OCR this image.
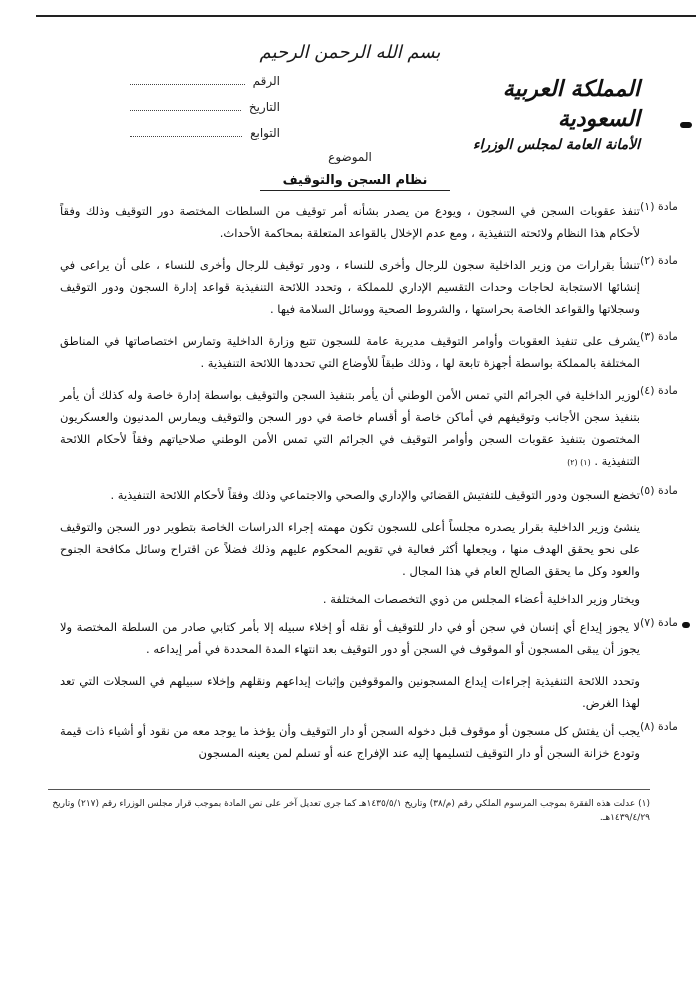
بسم الله الرحمن الرحيم
المملكة العربية السعودية
الأمانة العامة لمجلس الوزراء
الرقم
التاريخ
التوابع
الموضوع
نظام السجن والتوقيف
مادة (١)
تنفذ عقوبات السجن في السجون ، ويودع من يصدر بشأنه أمر توقيف من السلطات المختصة دور التوقيف وذلك وفقاً لأحكام هذا النظام ولائحته التنفيذية ، ومع عدم الإخلال بالقواعد المتعلقة بمحاكمة الأحداث.
مادة (٢)
تنشأ بقرارات من وزير الداخلية سجون للرجال وأخرى للنساء ، ودور توقيف للرجال وأخرى للنساء ، على أن يراعى في إنشائها الاستجابة لحاجات وحدات التقسيم الإداري للمملكة ، وتحدد اللائحة التنفيذية قواعد إدارة السجون ودور التوقيف وسجلاتها والقواعد الخاصة بحراستها ، والشروط الصحية ووسائل السلامة فيها .
مادة (٣)
يشرف على تنفيذ العقوبات وأوامر التوقيف مديرية عامة للسجون تتبع وزارة الداخلية وتمارس اختصاصاتها في المناطق المختلفة بالمملكة بواسطة أجهزة تابعة لها ، وذلك طبقاً للأوضاع التي تحددها اللائحة التنفيذية .
مادة (٤)
لوزير الداخلية في الجرائم التي تمس الأمن الوطني أن يأمر بتنفيذ السجن والتوقيف بواسطة إدارة خاصة وله كذلك أن يأمر بتنفيذ سجن الأجانب وتوقيفهم في أماكن خاصة أو أقسام خاصة في دور السجن والتوقيف ويمارس المدنيون والعسكريون المختصون بتنفيذ عقوبات السجن وأوامر التوقيف في الجرائم التي تمس الأمن الوطني صلاحياتهم وفقاً لأحكام اللائحة التنفيذية . (١) (٢)
مادة (٥)
تخضع السجون ودور التوقيف للتفتيش القضائي والإداري والصحي والاجتماعي وذلك وفقاً لأحكام اللائحة التنفيذية .
ينشئ وزير الداخلية بقرار يصدره مجلساً أعلى للسجون تكون مهمته إجراء الدراسات الخاصة بتطوير دور السجن والتوقيف على نحو يحقق الهدف منها ، ويجعلها أكثر فعالية في تقويم المحكوم عليهم وذلك فضلاً عن اقتراح وسائل مكافحة الجنوح والعود وكل ما يحقق الصالح العام في هذا المجال .
ويختار وزير الداخلية أعضاء المجلس من ذوي التخصصات المختلفة .
مادة (٧)
لا يجوز إيداع أي إنسان في سجن أو في دار للتوقيف أو نقله أو إخلاء سبيله إلا بأمر كتابي صادر من السلطة المختصة ولا يجوز أن يبقى المسجون أو الموقوف في السجن أو دور التوقيف بعد انتهاء المدة المحددة في أمر إيداعه .
وتحدد اللائحة التنفيذية إجراءات إيداع المسجونين والموقوفين وإثبات إيداعهم ونقلهم وإخلاء سبيلهم في السجلات التي تعد لهذا الغرض.
مادة (٨)
يجب أن يفتش كل مسجون أو موقوف قبل دخوله السجن أو دار التوقيف وأن يؤخذ ما يوجد معه من نقود أو أشياء ذات قيمة وتودع خزانة السجن أو دار التوقيف لتسليمها إليه عند الإفراج عنه أو تسلم لمن يعينه المسجون
(١) عدلت هذه الفقرة بموجب المرسوم الملكي رقم (م/٣٨) وتاريخ ١٤٣٥/٥/١هـ كما جرى تعديل آخر على نص المادة بموجب قرار مجلس الوزراء رقم (٢١٧) وتاريخ ١٤٣٩/٤/٢٩هـ.
